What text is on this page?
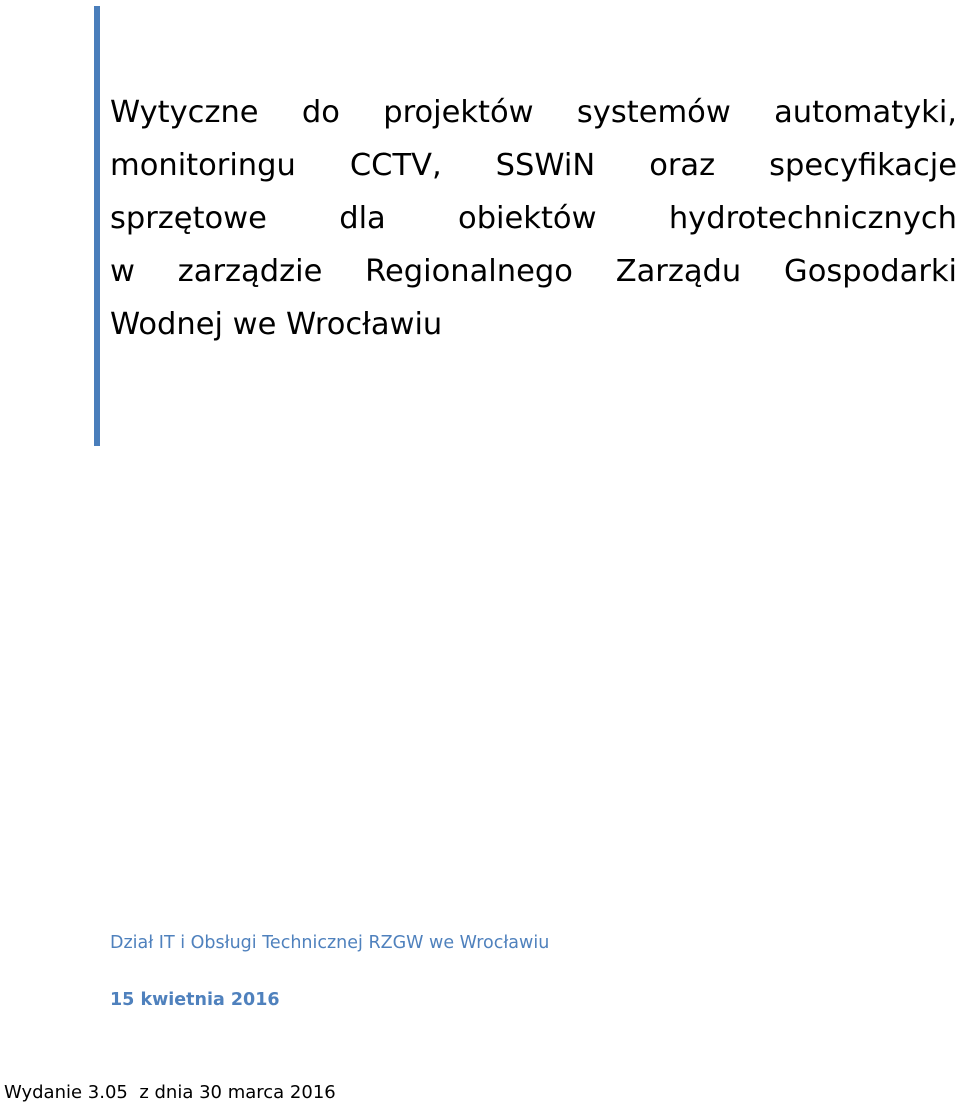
Wytyczne do projektów systemów automatyki,
monitoringu CCTV, SSWiN oraz specyfikacje
sprzętowe dla obiektów hydrotechnicznych
w zarządzie Regionalnego Zarządu Gospodarki
Wodnej we Wrocławiu

Dział IT i Obsługi Technicznej RZGW we Wrocławiu

15 kwietnia 2016

Wydanie 3.05  z dnia 30 marca 2016
